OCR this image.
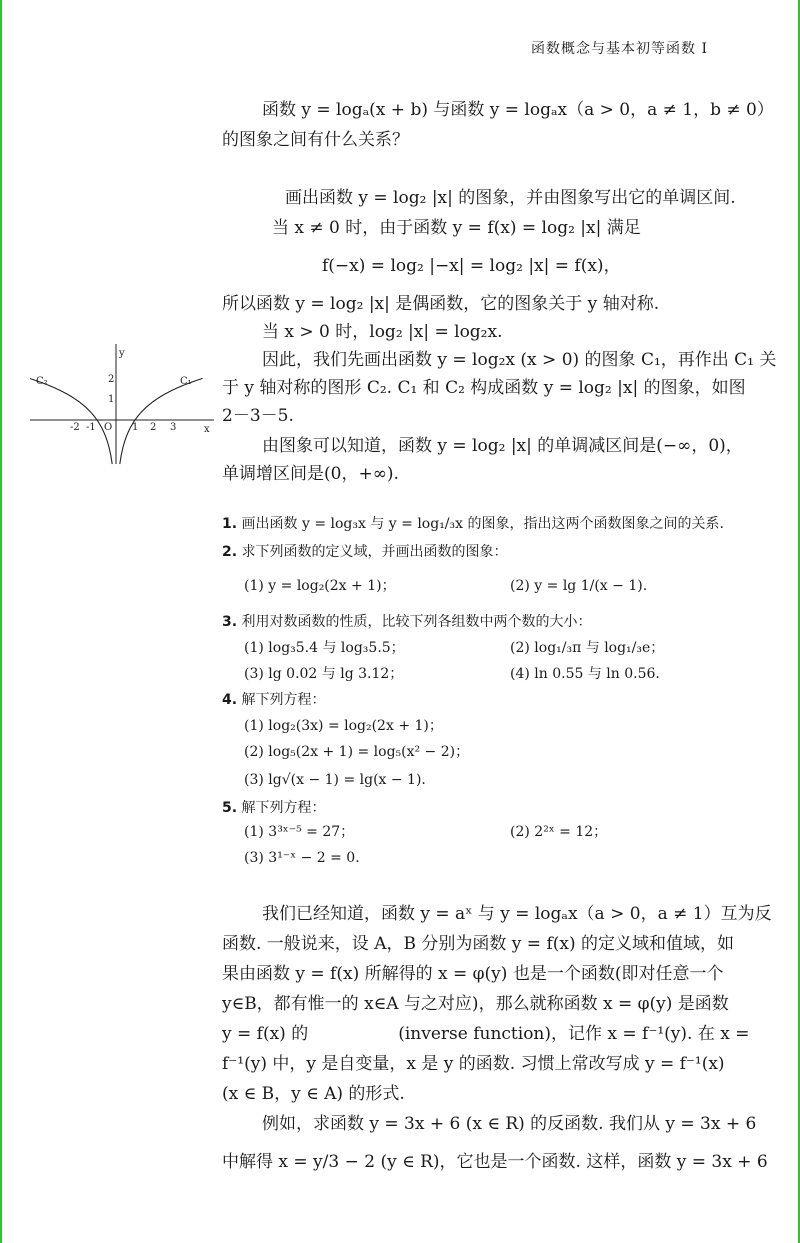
函数概念与基本初等函数 I
函数 y = logₐ(x + b) 与函数 y = logₐx（a > 0，a ≠ 1，b ≠ 0）
的图象之间有什么关系？
画出函数 y = log₂ |x| 的图象，并由图象写出它的单调区间.
当 x ≠ 0 时，由于函数 y = f(x) = log₂ |x| 满足
f(−x) = log₂ |−x| = log₂ |x| = f(x)，
所以函数 y = log₂ |x| 是偶函数，它的图象关于 y 轴对称.
当 x > 0 时，log₂ |x| = log₂x.
因此，我们先画出函数 y = log₂x (x > 0) 的图象 C₁，再作出 C₁ 关
于 y 轴对称的图形 C₂. C₁ 和 C₂ 构成函数 y = log₂ |x| 的图象，如图
2－3－5.
由图象可以知道，函数 y = log₂ |x| 的单调减区间是(−∞，0)，
单调增区间是(0，+∞).
y
x
O
C₂	C₁
-2 -1	1 2 3
1
2
1. 画出函数 y = log₃x 与 y = log₁/₃x 的图象，指出这两个函数图象之间的关系.
2. 求下列函数的定义域，并画出函数的图象：
(1) y = log₂(2x + 1)；	(2) y = lg 1/(x − 1).
3. 利用对数函数的性质，比较下列各组数中两个数的大小：
(1) log₃5.4 与 log₃5.5；	(2) log₁/₃π 与 log₁/₃e；
(3) lg 0.02 与 lg 3.12；	(4) ln 0.55 与 ln 0.56.
4. 解下列方程：
(1) log₂(3x) = log₂(2x + 1)；
(2) log₅(2x + 1) = log₅(x² − 2)；
(3) lg√(x − 1) = lg(x − 1).
5. 解下列方程：
(1) 3³ˣ⁻⁵ = 27；	(2) 2²ˣ = 12；
(3) 3¹⁻ˣ − 2 = 0.
我们已经知道，函数 y = aˣ 与 y = logₐx（a > 0，a ≠ 1）互为反
函数. 一般说来，设 A，B 分别为函数 y = f(x) 的定义域和值域，如
果由函数 y = f(x) 所解得的 x = φ(y) 也是一个函数(即对任意一个
y∈B，都有惟一的 x∈A 与之对应)，那么就称函数 x = φ(y) 是函数
y = f(x) 的	(inverse function)，记作 x = f⁻¹(y). 在 x =
f⁻¹(y) 中，y 是自变量，x 是 y 的函数. 习惯上常改写成 y = f⁻¹(x)
(x ∈ B，y ∈ A) 的形式.
例如，求函数 y = 3x + 6 (x ∈ R) 的反函数. 我们从 y = 3x + 6
中解得 x = y/3 − 2 (y ∈ R)，它也是一个函数. 这样，函数 y = 3x + 6
